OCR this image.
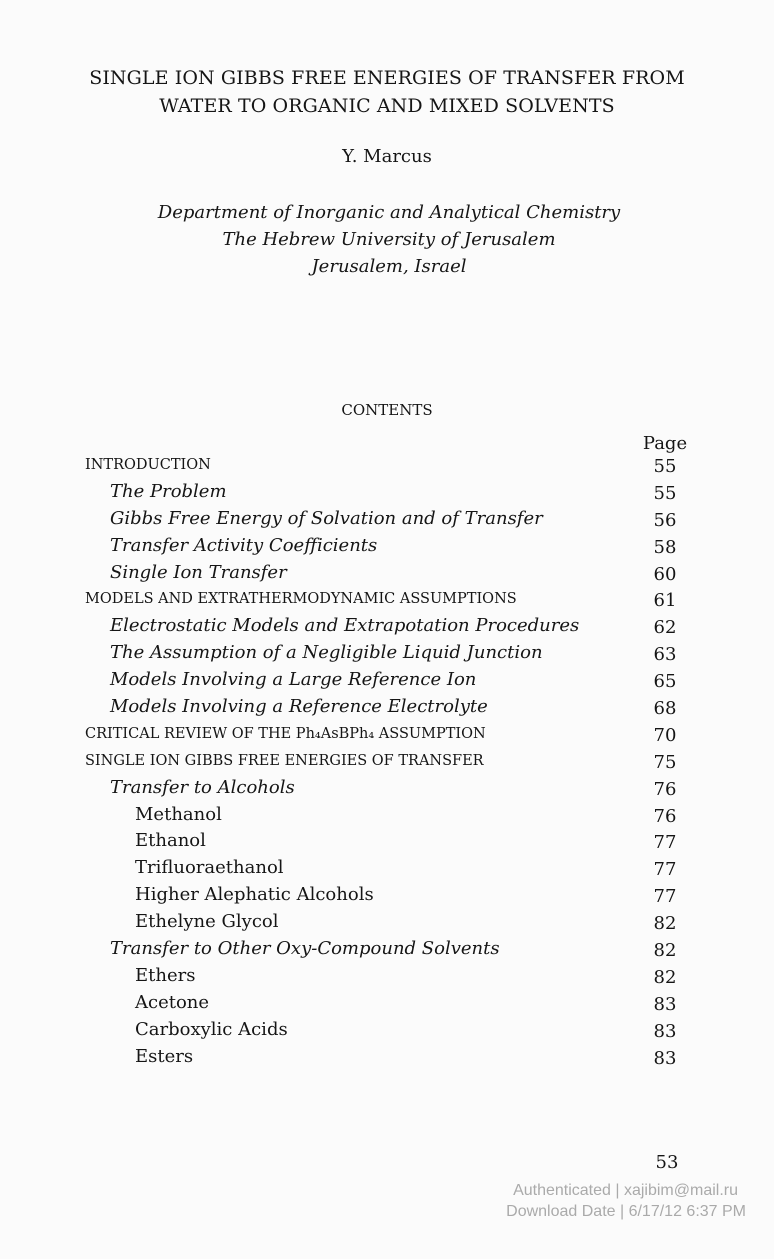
SINGLE ION GIBBS FREE ENERGIES OF TRANSFER FROM
WATER TO ORGANIC AND MIXED SOLVENTS
Y. Marcus
Department of Inorganic and Analytical Chemistry
The Hebrew University of Jerusalem
Jerusalem, Israel
CONTENTS
Page
INTRODUCTION	55
The Problem	55
Gibbs Free Energy of Solvation and of Transfer	56
Transfer Activity Coefficients	58
Single Ion Transfer	60
MODELS AND EXTRATHERMODYNAMIC ASSUMPTIONS	61
Electrostatic Models and Extrapotation Procedures	62
The Assumption of a Negligible Liquid Junction	63
Models Involving a Large Reference Ion	65
Models Involving a Reference Electrolyte	68
CRITICAL REVIEW OF THE Ph₄AsBPh₄ ASSUMPTION	70
SINGLE ION GIBBS FREE ENERGIES OF TRANSFER	75
Transfer to Alcohols	76
Methanol	76
Ethanol	77
Trifluoraethanol	77
Higher Alephatic Alcohols	77
Ethelyne Glycol	82
Transfer to Other Oxy-Compound Solvents	82
Ethers	82
Acetone	83
Carboxylic Acids	83
Esters	83
53
Authenticated | xajibim@mail.ru
Download Date | 6/17/12 6:37 PM
